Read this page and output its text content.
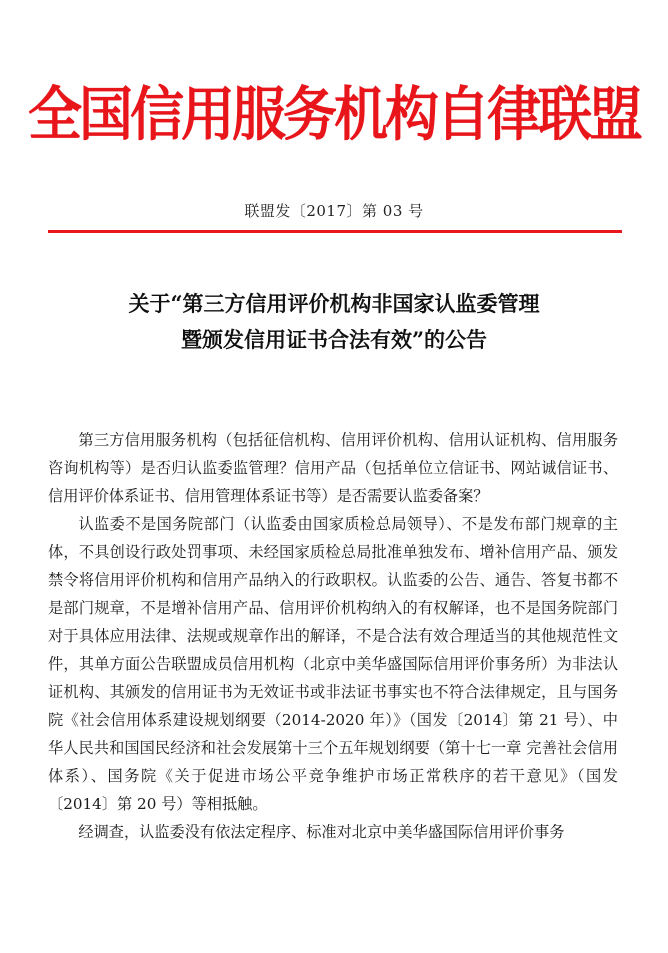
全国信用服务机构自律联盟
联盟发〔2017〕第 03 号
关于“第三方信用评价机构非国家认监委管理
暨颁发信用证书合法有效”的公告

第三方信用服务机构（包括征信机构、信用评价机构、信用认证机构、信用服务咨询机构等）是否归认监委监管理？信用产品（包括单位立信证书、网站诚信证书、信用评价体系证书、信用管理体系证书等）是否需要认监委备案？

认监委不是国务院部门（认监委由国家质检总局领导）、不是发布部门规章的主体，不具创设行政处罚事项、未经国家质检总局批准单独发布、增补信用产品、颁发禁令将信用评价机构和信用产品纳入的行政职权。认监委的公告、通告、答复书都不是部门规章，不是增补信用产品、信用评价机构纳入的有权解译，也不是国务院部门对于具体应用法律、法规或规章作出的解译，不是合法有效合理适当的其他规范性文件，其单方面公告联盟成员信用机构（北京中美华盛国际信用评价事务所）为非法认证机构、其颁发的信用证书为无效证书或非法证书事实也不符合法律规定，且与国务院《社会信用体系建设规划纲要（2014-2020 年）》（国发〔2014〕第 21 号）、中华人民共和国国民经济和社会发展第十三个五年规划纲要（第十七一章 完善社会信用体系）、国务院《关于促进市场公平竞争维护市场正常秩序的若干意见》（国发〔2014〕第 20 号）等相抵触。

经调查，认监委没有依法定程序、标准对北京中美华盛国际信用评价事务
